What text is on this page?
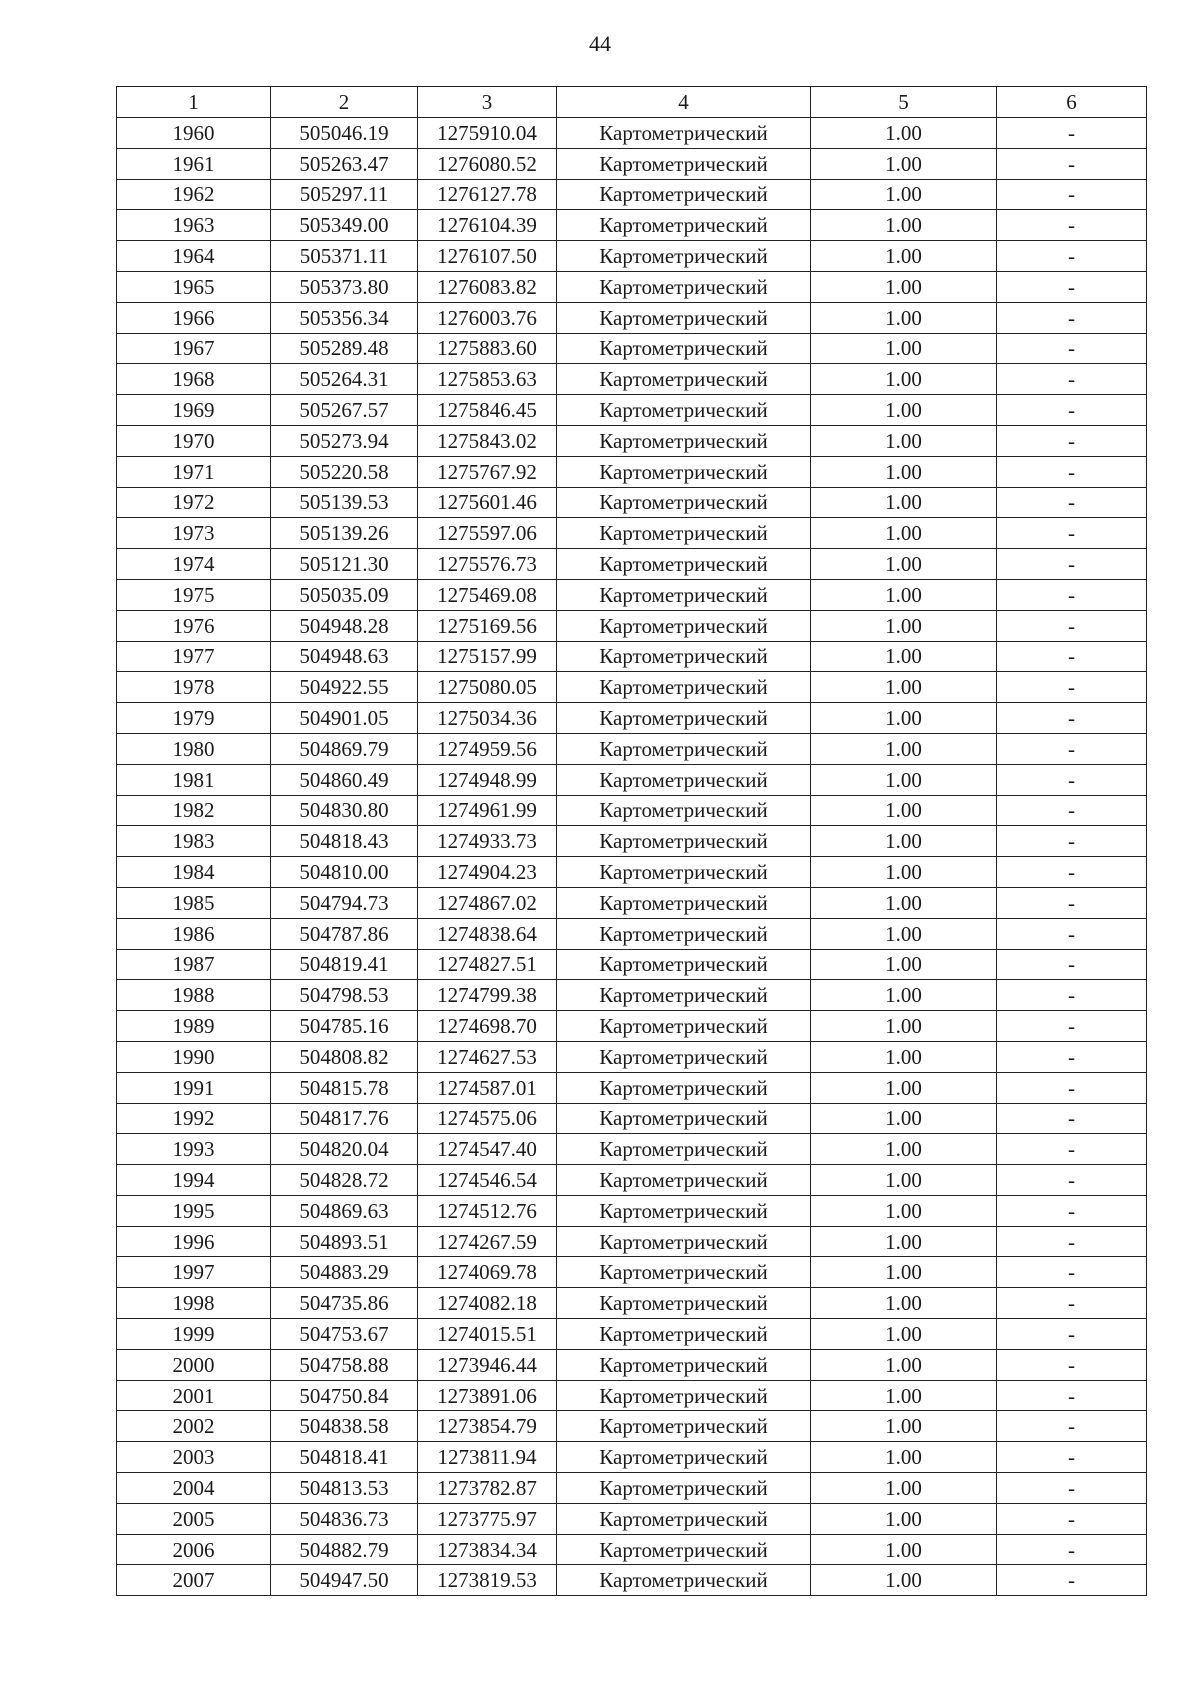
44
1	2	3	4	5	6
1960	505046.19	1275910.04	Картометрический	1.00	-
1961	505263.47	1276080.52	Картометрический	1.00	-
1962	505297.11	1276127.78	Картометрический	1.00	-
1963	505349.00	1276104.39	Картометрический	1.00	-
1964	505371.11	1276107.50	Картометрический	1.00	-
1965	505373.80	1276083.82	Картометрический	1.00	-
1966	505356.34	1276003.76	Картометрический	1.00	-
1967	505289.48	1275883.60	Картометрический	1.00	-
1968	505264.31	1275853.63	Картометрический	1.00	-
1969	505267.57	1275846.45	Картометрический	1.00	-
1970	505273.94	1275843.02	Картометрический	1.00	-
1971	505220.58	1275767.92	Картометрический	1.00	-
1972	505139.53	1275601.46	Картометрический	1.00	-
1973	505139.26	1275597.06	Картометрический	1.00	-
1974	505121.30	1275576.73	Картометрический	1.00	-
1975	505035.09	1275469.08	Картометрический	1.00	-
1976	504948.28	1275169.56	Картометрический	1.00	-
1977	504948.63	1275157.99	Картометрический	1.00	-
1978	504922.55	1275080.05	Картометрический	1.00	-
1979	504901.05	1275034.36	Картометрический	1.00	-
1980	504869.79	1274959.56	Картометрический	1.00	-
1981	504860.49	1274948.99	Картометрический	1.00	-
1982	504830.80	1274961.99	Картометрический	1.00	-
1983	504818.43	1274933.73	Картометрический	1.00	-
1984	504810.00	1274904.23	Картометрический	1.00	-
1985	504794.73	1274867.02	Картометрический	1.00	-
1986	504787.86	1274838.64	Картометрический	1.00	-
1987	504819.41	1274827.51	Картометрический	1.00	-
1988	504798.53	1274799.38	Картометрический	1.00	-
1989	504785.16	1274698.70	Картометрический	1.00	-
1990	504808.82	1274627.53	Картометрический	1.00	-
1991	504815.78	1274587.01	Картометрический	1.00	-
1992	504817.76	1274575.06	Картометрический	1.00	-
1993	504820.04	1274547.40	Картометрический	1.00	-
1994	504828.72	1274546.54	Картометрический	1.00	-
1995	504869.63	1274512.76	Картометрический	1.00	-
1996	504893.51	1274267.59	Картометрический	1.00	-
1997	504883.29	1274069.78	Картометрический	1.00	-
1998	504735.86	1274082.18	Картометрический	1.00	-
1999	504753.67	1274015.51	Картометрический	1.00	-
2000	504758.88	1273946.44	Картометрический	1.00	-
2001	504750.84	1273891.06	Картометрический	1.00	-
2002	504838.58	1273854.79	Картометрический	1.00	-
2003	504818.41	1273811.94	Картометрический	1.00	-
2004	504813.53	1273782.87	Картометрический	1.00	-
2005	504836.73	1273775.97	Картометрический	1.00	-
2006	504882.79	1273834.34	Картометрический	1.00	-
2007	504947.50	1273819.53	Картометрический	1.00	-
